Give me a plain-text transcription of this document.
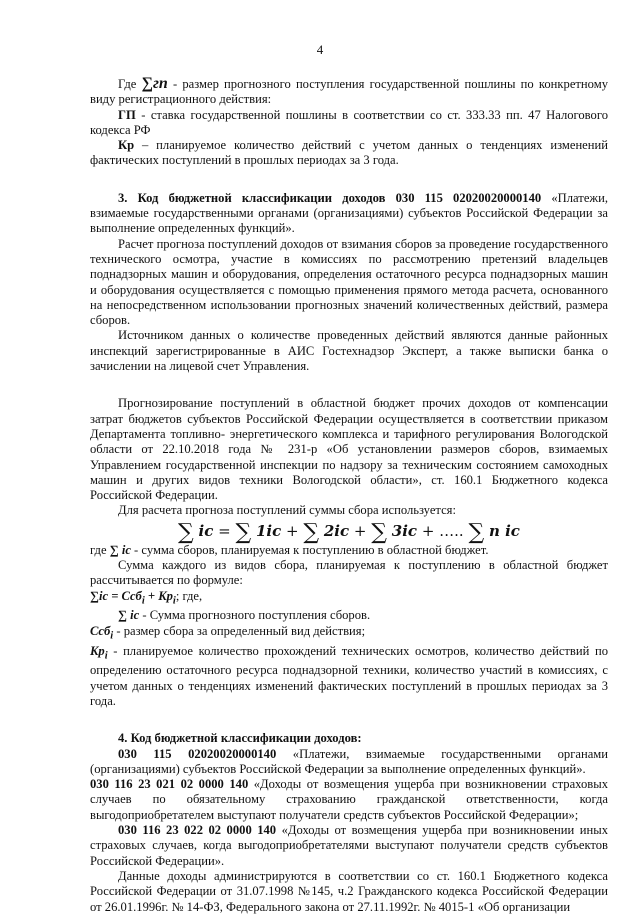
4

Где ∑гп - размер прогнозного поступления государственной пошлины по конкретному виду регистрационного действия:

ГП - ставка государственной пошлины в соответствии со ст. 333.33 пп. 47 Налогового кодекса РФ

Кр – планируемое количество действий с учетом данных о тенденциях изменений фактических поступлений в прошлых периодах за 3 года.

3. Код бюджетной классификации доходов 030 115 02020020000140 «Платежи, взимаемые государственными органами (организациями) субъектов Российской Федерации за выполнение определенных функций».

Расчет прогноза поступлений доходов от взимания сборов за проведение государственного технического осмотра, участие в комиссиях по рассмотрению претензий владельцев поднадзорных машин и оборудования, определения остаточного ресурса поднадзорных машин и оборудования осуществляется с помощью применения прямого метода расчета, основанного на непосредственном использовании прогнозных значений количественных действий, размера сборов.

Источником данных о количестве проведенных действий являются данные районных инспекций зарегистрированные в АИС Гостехнадзор Эксперт, а также выписки банка о зачислении на лицевой счет Управления.

Прогнозирование поступлений в областной бюджет прочих доходов от компенсации затрат бюджетов субъектов Российской Федерации осуществляется в соответствии приказом Департамента топливно- энергетического комплекса и тарифного регулирования Вологодской области от 22.10.2018 года № 231-р «Об установлении размеров сборов, взимаемых Управлением государственной инспекции по надзору за техническим состоянием самоходных машин и других видов техники Вологодской области», ст. 160.1 Бюджетного кодекса Российской Федерации.

Для расчета прогноза поступлений суммы сбора используется:

∑ ic = ∑ 1ic + ∑ 2ic + ∑ 3ic + ….. ∑ n ic

где ∑ ic - сумма сборов, планируемая к поступлению в областной бюджет.

Сумма каждого из видов сбора, планируемая к поступлению в областной бюджет рассчитывается по формуле:

$\sum ic = Ccб_i + Kp_i$; где,

∑ ic - Сумма прогнозного поступления сборов.

Ccб$_i$ - размер сбора за определенный вид действия;

$Kp_i$ - планируемое количество прохождений технических осмотров, количество действий по определению остаточного ресурса поднадзорной техники, количество участий в комиссиях, с учетом данных о тенденциях изменений фактических поступлений в прошлых периодах за 3 года.

4. Код бюджетной классификации доходов:

030 115 02020020000140 «Платежи, взимаемые государственными органами (организациями) субъектов Российской Федерации за выполнение определенных функций».

030 116 23 021 02 0000 140 «Доходы от возмещения ущерба при возникновении страховых случаев по обязательному страхованию гражданской ответственности, когда выгодоприобретателем выступают получатели средств субъектов Российской Федерации»;

030 116 23 022 02 0000 140 «Доходы от возмещения ущерба при возникновении иных страховых случаев, когда выгодоприобретателями выступают получатели средств субъектов Российской Федерации».

Данные доходы администрируются в соответствии со ст. 160.1 Бюджетного кодекса Российской Федерации от 31.07.1998 №145, ч.2 Гражданского кодекса Российской Федерации от 26.01.1996г. № 14-ФЗ, Федерального закона от 27.11.1992г. № 4015-1 «Об организации
